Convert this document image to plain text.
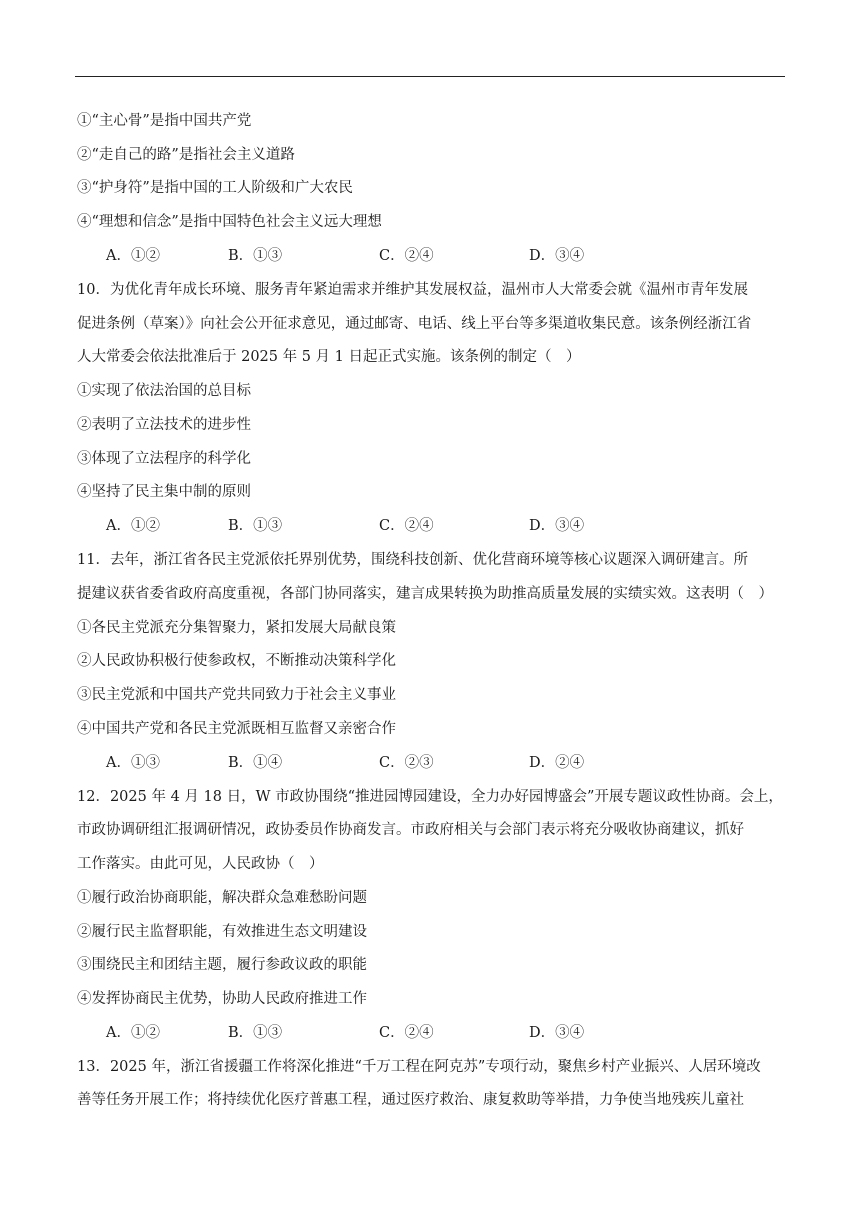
①“主心骨”是指中国共产党
②“走自己的路”是指社会主义道路
③“护身符”是指中国的工人阶级和广大农民
④“理想和信念”是指中国特色社会主义远大理想
A．①②	B．①③	C．②④	D．③④
10．为优化青年成长环境、服务青年紧迫需求并维护其发展权益，温州市人大常委会就《温州市青年发展
促进条例（草案）》向社会公开征求意见，通过邮寄、电话、线上平台等多渠道收集民意。该条例经浙江省
人大常委会依法批准后于 2025 年 5 月 1 日起正式实施。该条例的制定（　）
①实现了依法治国的总目标
②表明了立法技术的进步性
③体现了立法程序的科学化
④坚持了民主集中制的原则
A．①②	B．①③	C．②④	D．③④
11．去年，浙江省各民主党派依托界别优势，围绕科技创新、优化营商环境等核心议题深入调研建言。所
提建议获省委省政府高度重视，各部门协同落实，建言成果转换为助推高质量发展的实绩实效。这表明（　）
①各民主党派充分集智聚力，紧扣发展大局献良策
②人民政协积极行使参政权，不断推动决策科学化
③民主党派和中国共产党共同致力于社会主义事业
④中国共产党和各民主党派既相互监督又亲密合作
A．①③	B．①④	C．②③	D．②④
12．2025 年 4 月 18 日，W 市政协围绕“推进园博园建设，全力办好园博盛会”开展专题议政性协商。会上，
市政协调研组汇报调研情况，政协委员作协商发言。市政府相关与会部门表示将充分吸收协商建议，抓好
工作落实。由此可见，人民政协（　）
①履行政治协商职能，解决群众急难愁盼问题
②履行民主监督职能，有效推进生态文明建设
③围绕民主和团结主题，履行参政议政的职能
④发挥协商民主优势，协助人民政府推进工作
A．①②	B．①③	C．②④	D．③④
13．2025 年，浙江省援疆工作将深化推进“千万工程在阿克苏”专项行动，聚焦乡村产业振兴、人居环境改
善等任务开展工作；将持续优化医疗普惠工程，通过医疗救治、康复救助等举措，力争使当地残疾儿童社
